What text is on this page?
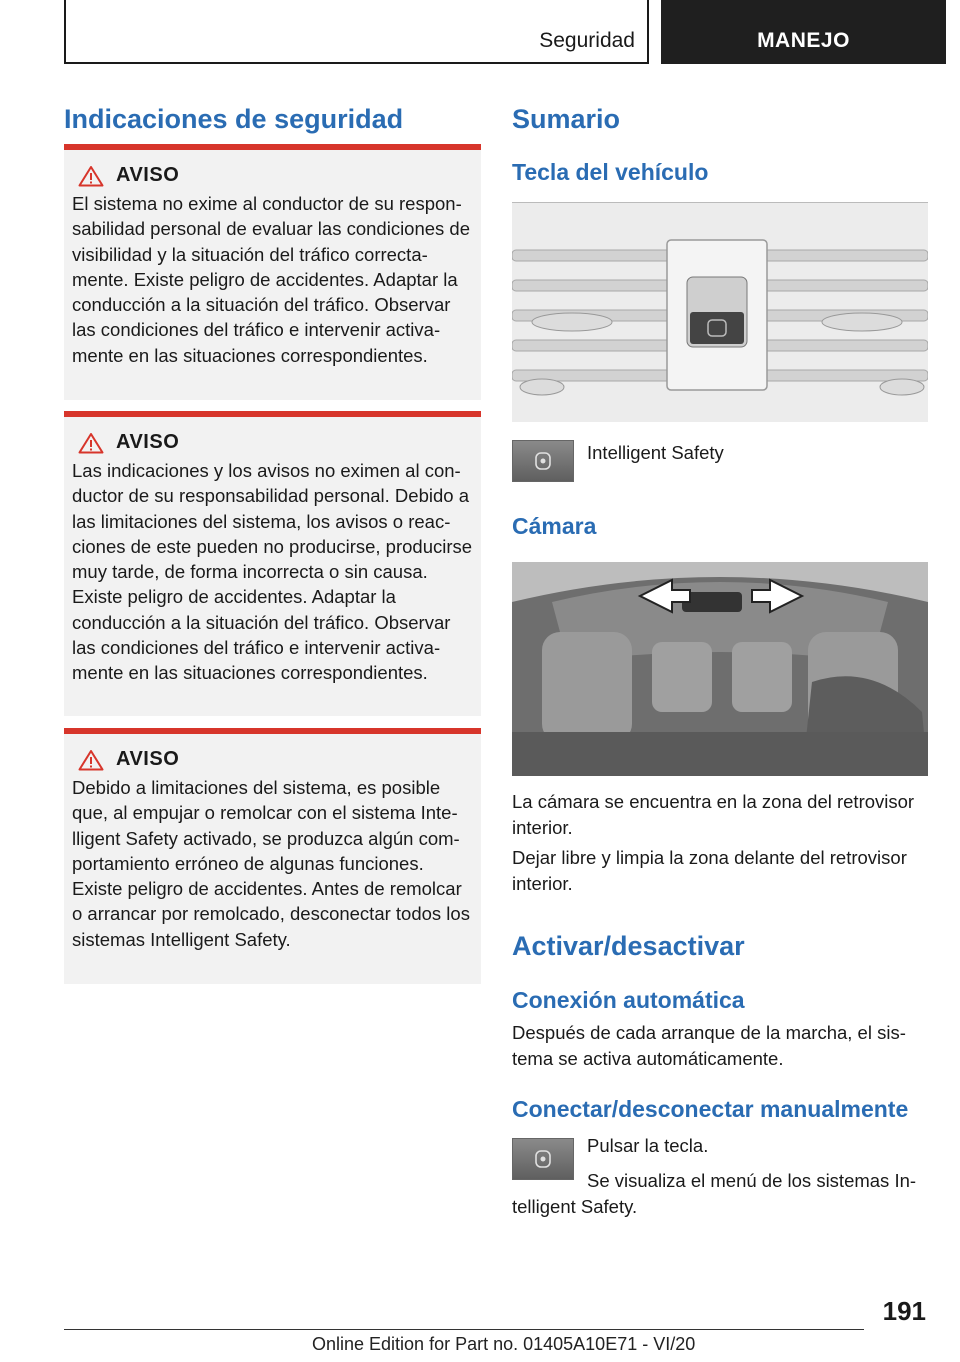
Seguridad	MANEJO
Indicaciones de seguridad
AVISO

El sistema no exime al conductor de su responsabilidad personal de evaluar las condiciones de visibilidad y la situación del tráfico correctamente. Existe peligro de accidentes. Adaptar la conducción a la situación del tráfico. Observar las condiciones del tráfico e intervenir activamente en las situaciones correspondientes.

AVISO

Las indicaciones y los avisos no eximen al conductor de su responsabilidad personal. Debido a las limitaciones del sistema, los avisos o reacciones de este pueden no producirse, producirse muy tarde, de forma incorrecta o sin causa. Existe peligro de accidentes. Adaptar la conducción a la situación del tráfico. Observar las condiciones del tráfico e intervenir activamente en las situaciones correspondientes.

AVISO

Debido a limitaciones del sistema, es posible que, al empujar o remolcar con el sistema Intelligent Safety activado, se produzca algún comportamiento erróneo de algunas funciones. Existe peligro de accidentes. Antes de remolcar o arrancar por remolcado, desconectar todos los sistemas Intelligent Safety.

Sumario
Tecla del vehículo

Intelligent Safety

Cámara

La cámara se encuentra en la zona del retrovisor interior.

Dejar libre y limpia la zona delante del retrovisor interior.

Activar/desactivar
Conexión automática

Después de cada arranque de la marcha, el sistema se activa automáticamente.

Conectar/desconectar manualmente

Pulsar la tecla.

Se visualiza el menú de los sistemas Intelligent Safety.

191
Online Edition for Part no. 01405A10E71 - VI/20
